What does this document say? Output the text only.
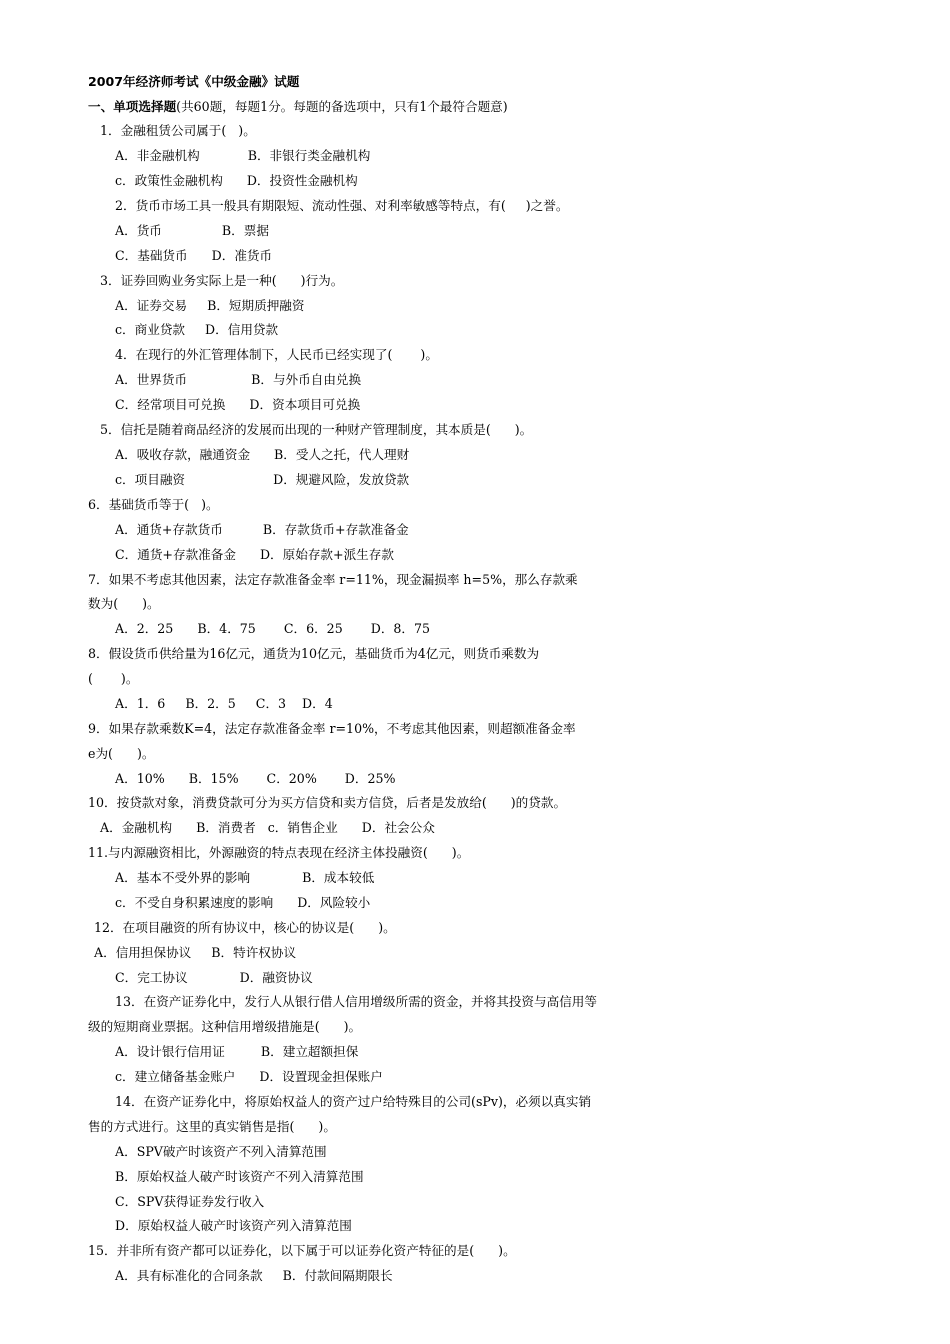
2007年经济师考试《中级金融》试题
一、单项选择题(共60题，每题1分。每题的备选项中，只有1个最符合题意)
1．金融租赁公司属于(   )。
A．非金融机构            B．非银行类金融机构
c．政策性金融机构      D．投资性金融机构
2．货币市场工具一般具有期限短、流动性强、对利率敏感等特点，有(     )之誉。
A．货币               B．票据
C．基础货币      D．准货币
3．证券回购业务实际上是一种(      )行为。
A．证券交易     B．短期质押融资
c．商业贷款     D．信用贷款
4．在现行的外汇管理体制下，人民币已经实现了(       )。
A．世界货币                B．与外币自由兑换
C．经常项目可兑换      D．资本项目可兑换
5．信托是随着商品经济的发展而出现的一种财产管理制度，其本质是(      )。
A．吸收存款，融通资金      B．受人之托，代人理财
c．项目融资                      D．规避风险，发放贷款
6．基础货币等于(   )。
A．通货+存款货币          B．存款货币+存款准备金
C．通货+存款准备金      D．原始存款+派生存款
7．如果不考虑其他因素，法定存款准备金率 r=11%，现金漏损率 h=5%，那么存款乘
数为(      )。
A．2．25      B．4．75       C．6．25       D．8．75
8．假设货币供给量为16亿元，通货为10亿元，基础货币为4亿元，则货币乘数为
(       )。
A．1．6     B．2．5     C．3    D．4
9．如果存款乘数K=4，法定存款准备金率 r=10%，不考虑其他因素，则超额准备金率
e为(      )。
A．10%      B．15%       C．20%       D．25%
10．按贷款对象，消费贷款可分为买方信贷和卖方信贷，后者是发放给(      )的贷款。
A．金融机构      B．消费者   c．销售企业      D．社会公众
11.与内源融资相比，外源融资的特点表现在经济主体投融资(      )。
A．基本不受外界的影响             B．成本较低
c．不受自身积累速度的影响      D．风险较小
12．在项目融资的所有协议中，核心的协议是(      )。
A．信用担保协议     B．特许权协议
C．完工协议             D．融资协议
13．在资产证券化中，发行人从银行借人信用增级所需的资金，并将其投资与高信用等
级的短期商业票据。这种信用增级措施是(      )。
A．设计银行信用证         B．建立超额担保
c．建立储备基金账户      D．设置现金担保账户
14．在资产证券化中，将原始权益人的资产过户给特殊目的公司(sPv)，必须以真实销
售的方式进行。这里的真实销售是指(      )。
A．SPV破产时该资产不列入清算范围
B．原始权益人破产时该资产不列入清算范围
C．SPV获得证券发行收入
D．原始权益人破产时该资产列入清算范围
15．并非所有资产都可以证券化，以下属于可以证券化资产特征的是(      )。
A．具有标准化的合同条款     B．付款间隔期限长
